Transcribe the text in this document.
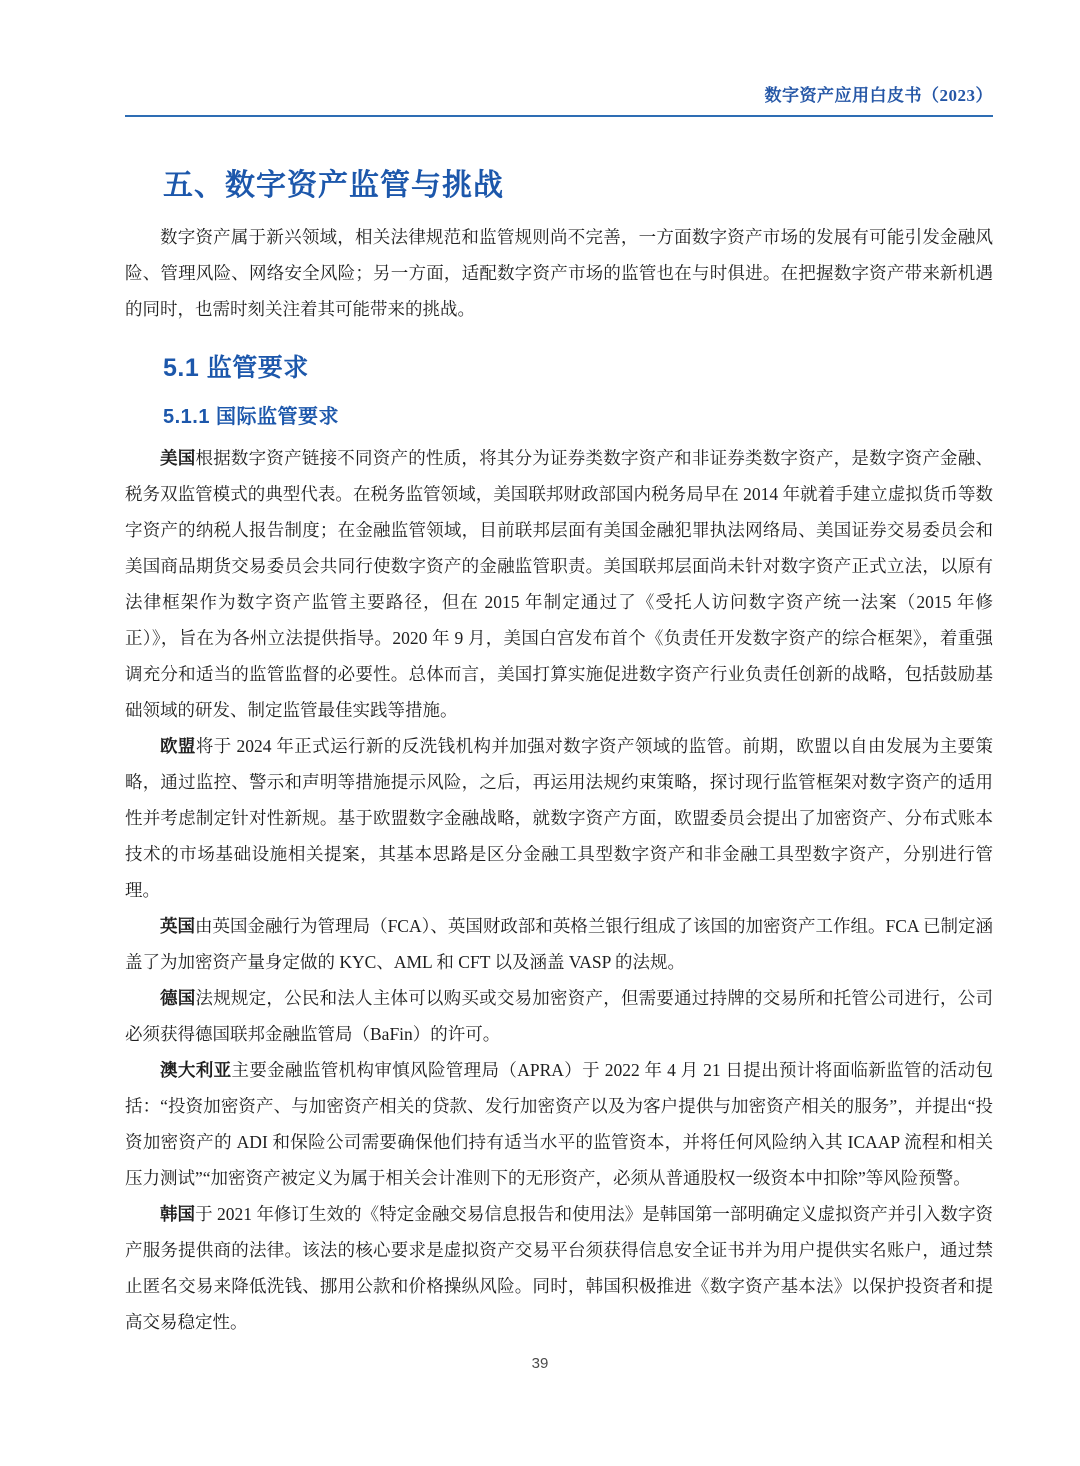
数字资产应用白皮书（2023）
五、数字资产监管与挑战

数字资产属于新兴领域，相关法律规范和监管规则尚不完善，一方面数字资产市场的发展有可能引发金融风险、管理风险、网络安全风险；另一方面，适配数字资产市场的监管也在与时俱进。在把握数字资产带来新机遇的同时，也需时刻关注着其可能带来的挑战。

5.1 监管要求
5.1.1 国际监管要求

美国根据数字资产链接不同资产的性质，将其分为证券类数字资产和非证券类数字资产，是数字资产金融、税务双监管模式的典型代表。在税务监管领域，美国联邦财政部国内税务局早在 2014 年就着手建立虚拟货币等数字资产的纳税人报告制度；在金融监管领域，目前联邦层面有美国金融犯罪执法网络局、美国证券交易委员会和美国商品期货交易委员会共同行使数字资产的金融监管职责。美国联邦层面尚未针对数字资产正式立法，以原有法律框架作为数字资产监管主要路径，但在 2015 年制定通过了《受托人访问数字资产统一法案（2015 年修正）》，旨在为各州立法提供指导。2020 年 9 月，美国白宫发布首个《负责任开发数字资产的综合框架》，着重强调充分和适当的监管监督的必要性。总体而言，美国打算实施促进数字资产行业负责任创新的战略，包括鼓励基础领域的研发、制定监管最佳实践等措施。

欧盟将于 2024 年正式运行新的反洗钱机构并加强对数字资产领域的监管。前期，欧盟以自由发展为主要策略，通过监控、警示和声明等措施提示风险，之后，再运用法规约束策略，探讨现行监管框架对数字资产的适用性并考虑制定针对性新规。基于欧盟数字金融战略，就数字资产方面，欧盟委员会提出了加密资产、分布式账本技术的市场基础设施相关提案，其基本思路是区分金融工具型数字资产和非金融工具型数字资产，分别进行管理。

英国由英国金融行为管理局（FCA）、英国财政部和英格兰银行组成了该国的加密资产工作组。FCA 已制定涵盖了为加密资产量身定做的 KYC、AML 和 CFT 以及涵盖 VASP 的法规。

德国法规规定，公民和法人主体可以购买或交易加密资产，但需要通过持牌的交易所和托管公司进行，公司必须获得德国联邦金融监管局（BaFin）的许可。

澳大利亚主要金融监管机构审慎风险管理局（APRA）于 2022 年 4 月 21 日提出预计将面临新监管的活动包括：“投资加密资产、与加密资产相关的贷款、发行加密资产以及为客户提供与加密资产相关的服务”，并提出“投资加密资产的 ADI 和保险公司需要确保他们持有适当水平的监管资本，并将任何风险纳入其 ICAAP 流程和相关压力测试”“加密资产被定义为属于相关会计准则下的无形资产，必须从普通股权一级资本中扣除”等风险预警。

韩国于 2021 年修订生效的《特定金融交易信息报告和使用法》是韩国第一部明确定义虚拟资产并引入数字资产服务提供商的法律。该法的核心要求是虚拟资产交易平台须获得信息安全证书并为用户提供实名账户，通过禁止匿名交易来降低洗钱、挪用公款和价格操纵风险。同时，韩国积极推进《数字资产基本法》以保护投资者和提高交易稳定性。

39
